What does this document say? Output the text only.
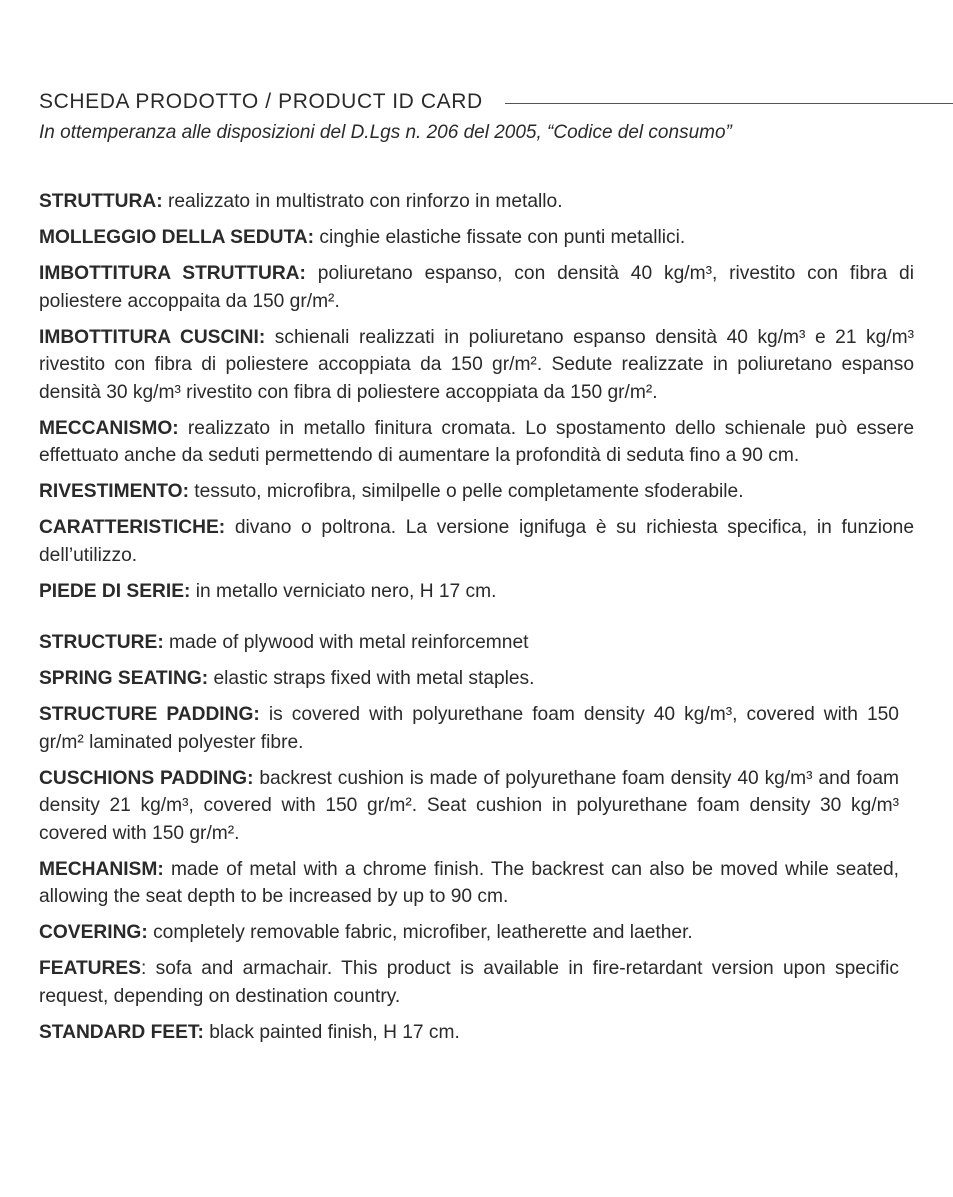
SCHEDA PRODOTTO / PRODUCT ID CARD
In ottemperanza alle disposizioni del D.Lgs n. 206 del 2005, “Codice del consumo”

STRUTTURA: realizzato in multistrato con rinforzo in metallo.

MOLLEGGIO DELLA SEDUTA: cinghie elastiche fissate con punti metallici.

IMBOTTITURA STRUTTURA: poliuretano espanso, con densità 40 kg/m³, rivestito con fibra di poliestere accoppaita da 150 gr/m².

IMBOTTITURA CUSCINI: schienali realizzati in poliuretano espanso densità 40 kg/m³ e 21 kg/m³ rivestito con fibra di poliestere accoppiata da 150 gr/m². Sedute realizzate in poliuretano espanso densità 30 kg/m³ rivestito con fibra di poliestere accoppiata da 150 gr/m².

MECCANISMO: realizzato in metallo finitura cromata. Lo spostamento dello schienale può essere effettuato anche da seduti permettendo di aumentare la profondità di seduta fino a 90 cm.

RIVESTIMENTO: tessuto, microfibra, similpelle o pelle completamente sfoderabile.

CARATTERISTICHE: divano o poltrona. La versione ignifuga è su richiesta specifica, in funzione dell’utilizzo.

PIEDE DI SERIE: in metallo verniciato nero, H 17 cm.

STRUCTURE: made of plywood with metal reinforcemnet

SPRING SEATING: elastic straps fixed with metal staples.

STRUCTURE PADDING: is covered with polyurethane foam density 40 kg/m³, covered with 150 gr/m² laminated polyester fibre.

CUSCHIONS PADDING: backrest cushion is made of polyurethane foam density 40 kg/m³ and foam density 21 kg/m³, covered with 150 gr/m². Seat cushion in polyurethane foam density 30 kg/m³ covered with 150 gr/m².

MECHANISM: made of metal with a chrome finish. The backrest can also be moved while seated, allowing the seat depth to be increased by up to 90 cm.

COVERING: completely removable fabric, microfiber, leatherette and laether.

FEATURES: sofa and armachair. This product is available in fire-retardant version upon specific request, depending on destination country.

STANDARD FEET: black painted finish, H 17 cm.
